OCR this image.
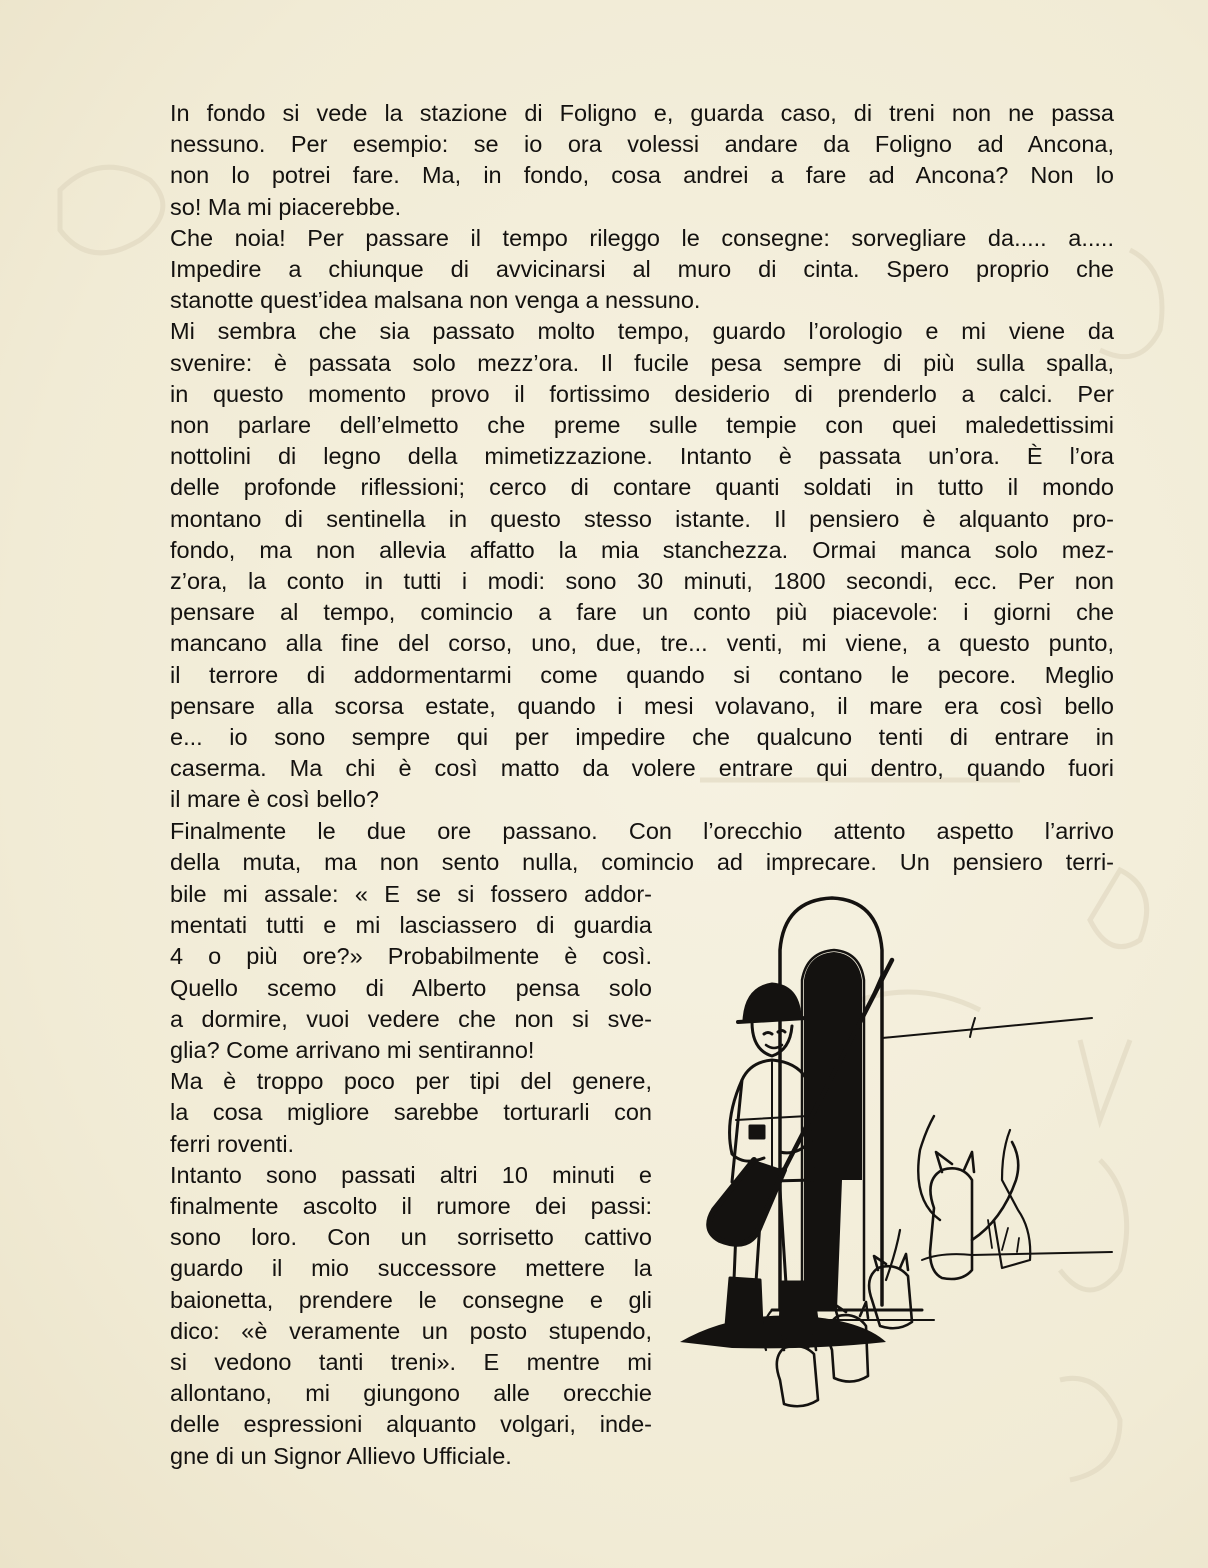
In fondo si vede la stazione di Foligno e, guarda caso, di treni non ne passa
nessuno. Per esempio: se io ora volessi andare da Foligno ad Ancona,
non lo potrei fare. Ma, in fondo, cosa andrei a fare ad Ancona? Non lo
so! Ma mi piacerebbe.
Che noia! Per passare il tempo rileggo le consegne: sorvegliare da..... a.....
Impedire a chiunque di avvicinarsi al muro di cinta. Spero proprio che
stanotte quest’idea malsana non venga a nessuno.
Mi sembra che sia passato molto tempo, guardo l’orologio e mi viene da
svenire: è passata solo mezz’ora. Il fucile pesa sempre di più sulla spalla,
in questo momento provo il fortissimo desiderio di prenderlo a calci. Per
non parlare dell’elmetto che preme sulle tempie con quei maledettissimi
nottolini di legno della mimetizzazione. Intanto è passata un’ora. È l’ora
delle profonde riflessioni; cerco di contare quanti soldati in tutto il mondo
montano di sentinella in questo stesso istante. Il pensiero è alquanto pro-
fondo, ma non allevia affatto la mia stanchezza. Ormai manca solo mez-
z’ora, la conto in tutti i modi: sono 30 minuti, 1800 secondi, ecc. Per non
pensare al tempo, comincio a fare un conto più piacevole: i giorni che
mancano alla fine del corso, uno, due, tre... venti, mi viene, a questo punto,
il terrore di addormentarmi come quando si contano le pecore. Meglio
pensare alla scorsa estate, quando i mesi volavano, il mare era così bello
e... io sono sempre qui per impedire che qualcuno tenti di entrare in
caserma. Ma chi è così matto da volere entrare qui dentro, quando fuori
il mare è così bello?
Finalmente le due ore passano. Con l’orecchio attento aspetto l’arrivo
della muta, ma non sento nulla, comincio ad imprecare. Un pensiero terri-
bile mi assale: « E se si fossero addor-
mentati tutti e mi lasciassero di guardia
4 o più ore?» Probabilmente è così.
Quello scemo di Alberto pensa solo
a dormire, vuoi vedere che non si sve-
glia? Come arrivano mi sentiranno!
Ma è troppo poco per tipi del genere,
la cosa migliore sarebbe torturarli con
ferri roventi.
Intanto sono passati altri 10 minuti e
finalmente ascolto il rumore dei passi:
sono loro. Con un sorrisetto cattivo
guardo il mio successore mettere la
baionetta, prendere le consegne e gli
dico: «è veramente un posto stupendo,
si vedono tanti treni». E mentre mi
allontano, mi giungono alle orecchie
delle espressioni alquanto volgari, inde-
gne di un Signor Allievo Ufficiale.
